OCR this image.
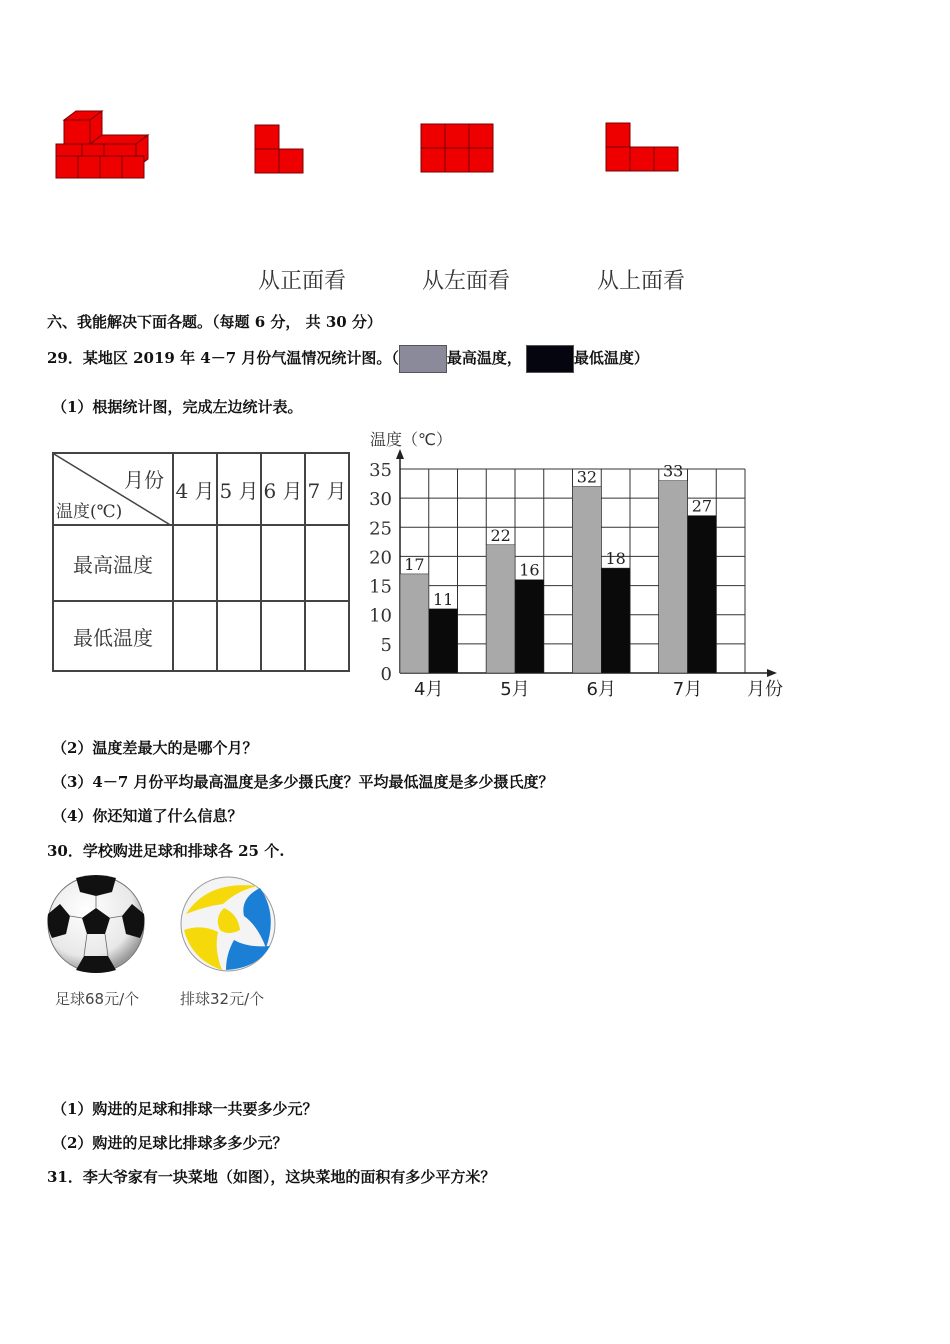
从正面看	从左面看	从上面看
六、我能解决下面各题。（每题 6 分， 共 30 分）
29．某地区 2019 年 4－7 月份气温情况统计图。（	最高温度，	最低温度）
（1）根据统计图，完成左边统计表。
月份
温度(℃)	4 月	5 月	6 月	7 月
最高温度				
最低温度				
0
5
10
15
20
25
30
35
温度（℃）
17
11
4月
22
16
5月
32
18
6月
33
27
7月 月份
（2）温度差最大的是哪个月？
（3）4－7 月份平均最高温度是多少摄氏度？平均最低温度是多少摄氏度？
（4）你还知道了什么信息？
30．学校购进足球和排球各 25 个.
足球68元/个	排球32元/个
（1）购进的足球和排球一共要多少元？
（2）购进的足球比排球多多少元？
31．李大爷家有一块菜地（如图），这块菜地的面积有多少平方米？
